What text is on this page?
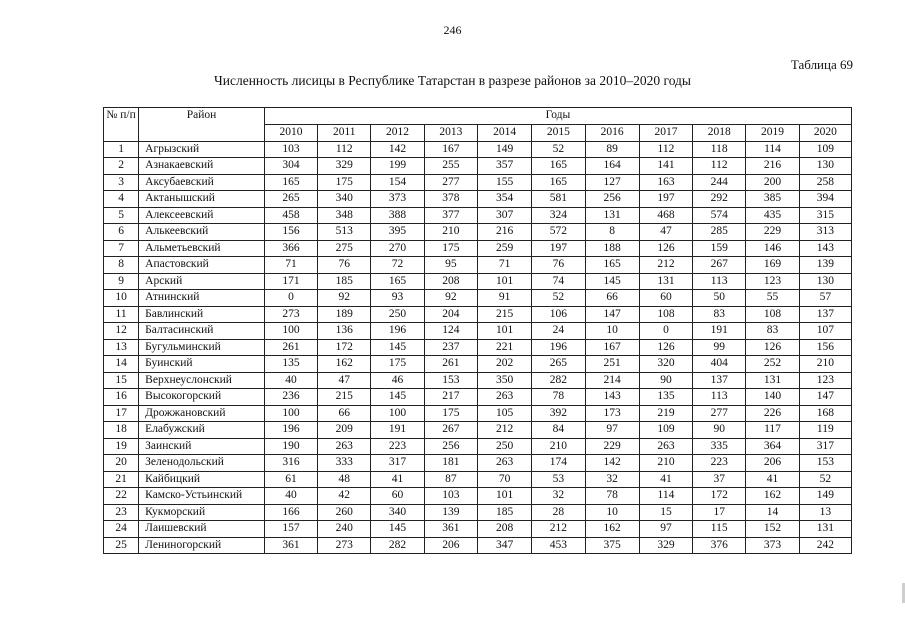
246
Таблица 69
Численность лисицы в Республике Татарстан в разрезе районов за 2010–2020 годы
№ п/п	Район	Годы										
		2010	2011	2012	2013	2014	2015	2016	2017	2018	2019	2020
1	Агрызский	103	112	142	167	149	52	89	112	118	114	109
2	Азнакаевский	304	329	199	255	357	165	164	141	112	216	130
3	Аксубаевский	165	175	154	277	155	165	127	163	244	200	258
4	Актанышский	265	340	373	378	354	581	256	197	292	385	394
5	Алексеевский	458	348	388	377	307	324	131	468	574	435	315
6	Алькеевский	156	513	395	210	216	572	8	47	285	229	313
7	Альметьевский	366	275	270	175	259	197	188	126	159	146	143
8	Апастовский	71	76	72	95	71	76	165	212	267	169	139
9	Арский	171	185	165	208	101	74	145	131	113	123	130
10	Атнинский	0	92	93	92	91	52	66	60	50	55	57
11	Бавлинский	273	189	250	204	215	106	147	108	83	108	137
12	Балтасинский	100	136	196	124	101	24	10	0	191	83	107
13	Бугульминский	261	172	145	237	221	196	167	126	99	126	156
14	Буинский	135	162	175	261	202	265	251	320	404	252	210
15	Верхнеуслонский	40	47	46	153	350	282	214	90	137	131	123
16	Высокогорский	236	215	145	217	263	78	143	135	113	140	147
17	Дрожжановский	100	66	100	175	105	392	173	219	277	226	168
18	Елабужский	196	209	191	267	212	84	97	109	90	117	119
19	Заинский	190	263	223	256	250	210	229	263	335	364	317
20	Зеленодольский	316	333	317	181	263	174	142	210	223	206	153
21	Кайбицкий	61	48	41	87	70	53	32	41	37	41	52
22	Камско-Устьинский	40	42	60	103	101	32	78	114	172	162	149
23	Кукморский	166	260	340	139	185	28	10	15	17	14	13
24	Лаишевский	157	240	145	361	208	212	162	97	115	152	131
25	Лениногорский	361	273	282	206	347	453	375	329	376	373	242
